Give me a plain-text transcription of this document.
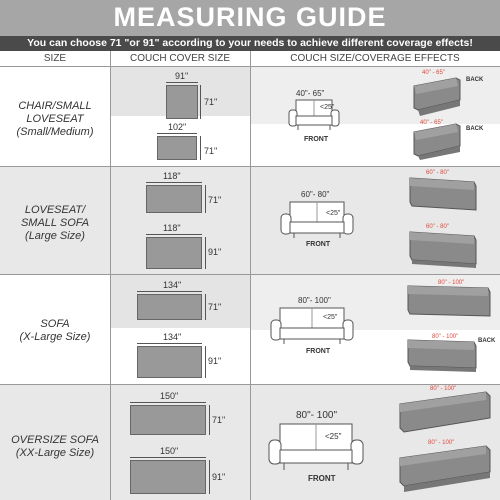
MEASURING GUIDE
You can choose 71 "or 91" according to your needs to achieve different coverage effects!
SIZE	COUCH COVER SIZE	COUCH SIZE/COVERAGE EFFECTS
CHAIR/SMALL
LOVESEAT
(Small/Medium)
91"
71"
102"
71"
40"- 65"
<25"
FRONT
40" - 65"
BACK
40" - 65"
BACK
LOVESEAT/
SMALL SOFA
(Large Size)
118"
71"
118"
91"
60"- 80"
<25"
FRONT
60" - 80"
60" - 80"
SOFA
(X-Large Size)
134"
71"
134"
91"
80"- 100"
<25"
FRONT
80" - 100"
80" - 100"
BACK
OVERSIZE SOFA
(XX-Large Size)
150"
71"
150"
91"
80"- 100"
<25"
FRONT
80" - 100"
80" - 100"
